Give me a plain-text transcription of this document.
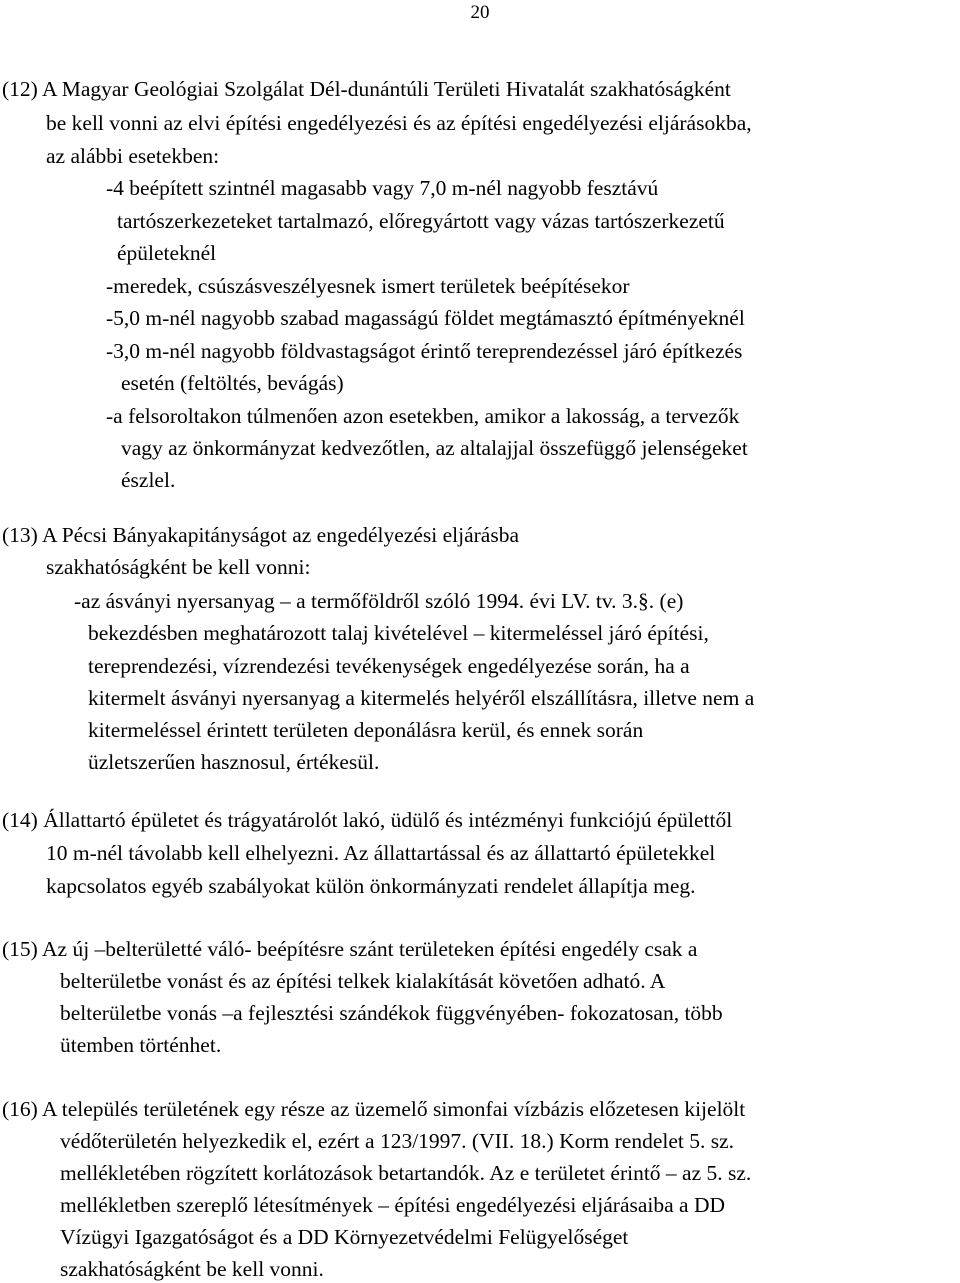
20
(12) A Magyar Geológiai Szolgálat Dél-dunántúli Területi Hivatalát szakhatóságként
be kell vonni az elvi építési engedélyezési és az építési engedélyezési eljárásokba,
az alábbi esetekben:
-4 beépített szintnél magasabb vagy 7,0 m-nél nagyobb fesztávú
tartószerkezeteket tartalmazó, előregyártott vagy vázas tartószerkezetű
épületeknél
-meredek, csúszásveszélyesnek ismert területek beépítésekor
-5,0 m-nél nagyobb szabad magasságú földet megtámasztó építményeknél
-3,0 m-nél nagyobb földvastagságot érintő tereprendezéssel járó építkezés
esetén (feltöltés, bevágás)
-a felsoroltakon túlmenően azon esetekben, amikor a lakosság, a tervezők
vagy az önkormányzat kedvezőtlen, az altalajjal összefüggő jelenségeket
észlel.
(13) A Pécsi Bányakapitányságot az engedélyezési eljárásba
szakhatóságként be kell vonni:
-az ásványi nyersanyag – a termőföldről szóló 1994. évi LV. tv. 3.§. (e)
bekezdésben meghatározott talaj kivételével – kitermeléssel járó építési,
tereprendezési, vízrendezési tevékenységek engedélyezése során, ha a
kitermelt ásványi nyersanyag a kitermelés helyéről elszállításra, illetve nem a
kitermeléssel érintett területen deponálásra kerül, és ennek során
üzletszerűen hasznosul, értékesül.
(14) Állattartó épületet és trágyatárolót lakó, üdülő és intézményi funkciójú épülettől
10 m-nél távolabb kell elhelyezni. Az állattartással és az állattartó épületekkel
kapcsolatos egyéb szabályokat külön önkormányzati rendelet állapítja meg.
(15) Az új –belterületté váló- beépítésre szánt területeken építési engedély csak a
belterületbe vonást és az építési telkek kialakítását követően adható. A
belterületbe vonás –a fejlesztési szándékok függvényében- fokozatosan, több
ütemben történhet.
(16) A település területének egy része az üzemelő simonfai vízbázis előzetesen kijelölt
védőterületén helyezkedik el, ezért a 123/1997. (VII. 18.) Korm rendelet 5. sz.
mellékletében rögzített korlátozások betartandók. Az e területet érintő – az 5. sz.
mellékletben szereplő létesítmények – építési engedélyezési eljárásaiba a DD
Vízügyi Igazgatóságot és a DD Környezetvédelmi Felügyelőséget
szakhatóságként be kell vonni.
